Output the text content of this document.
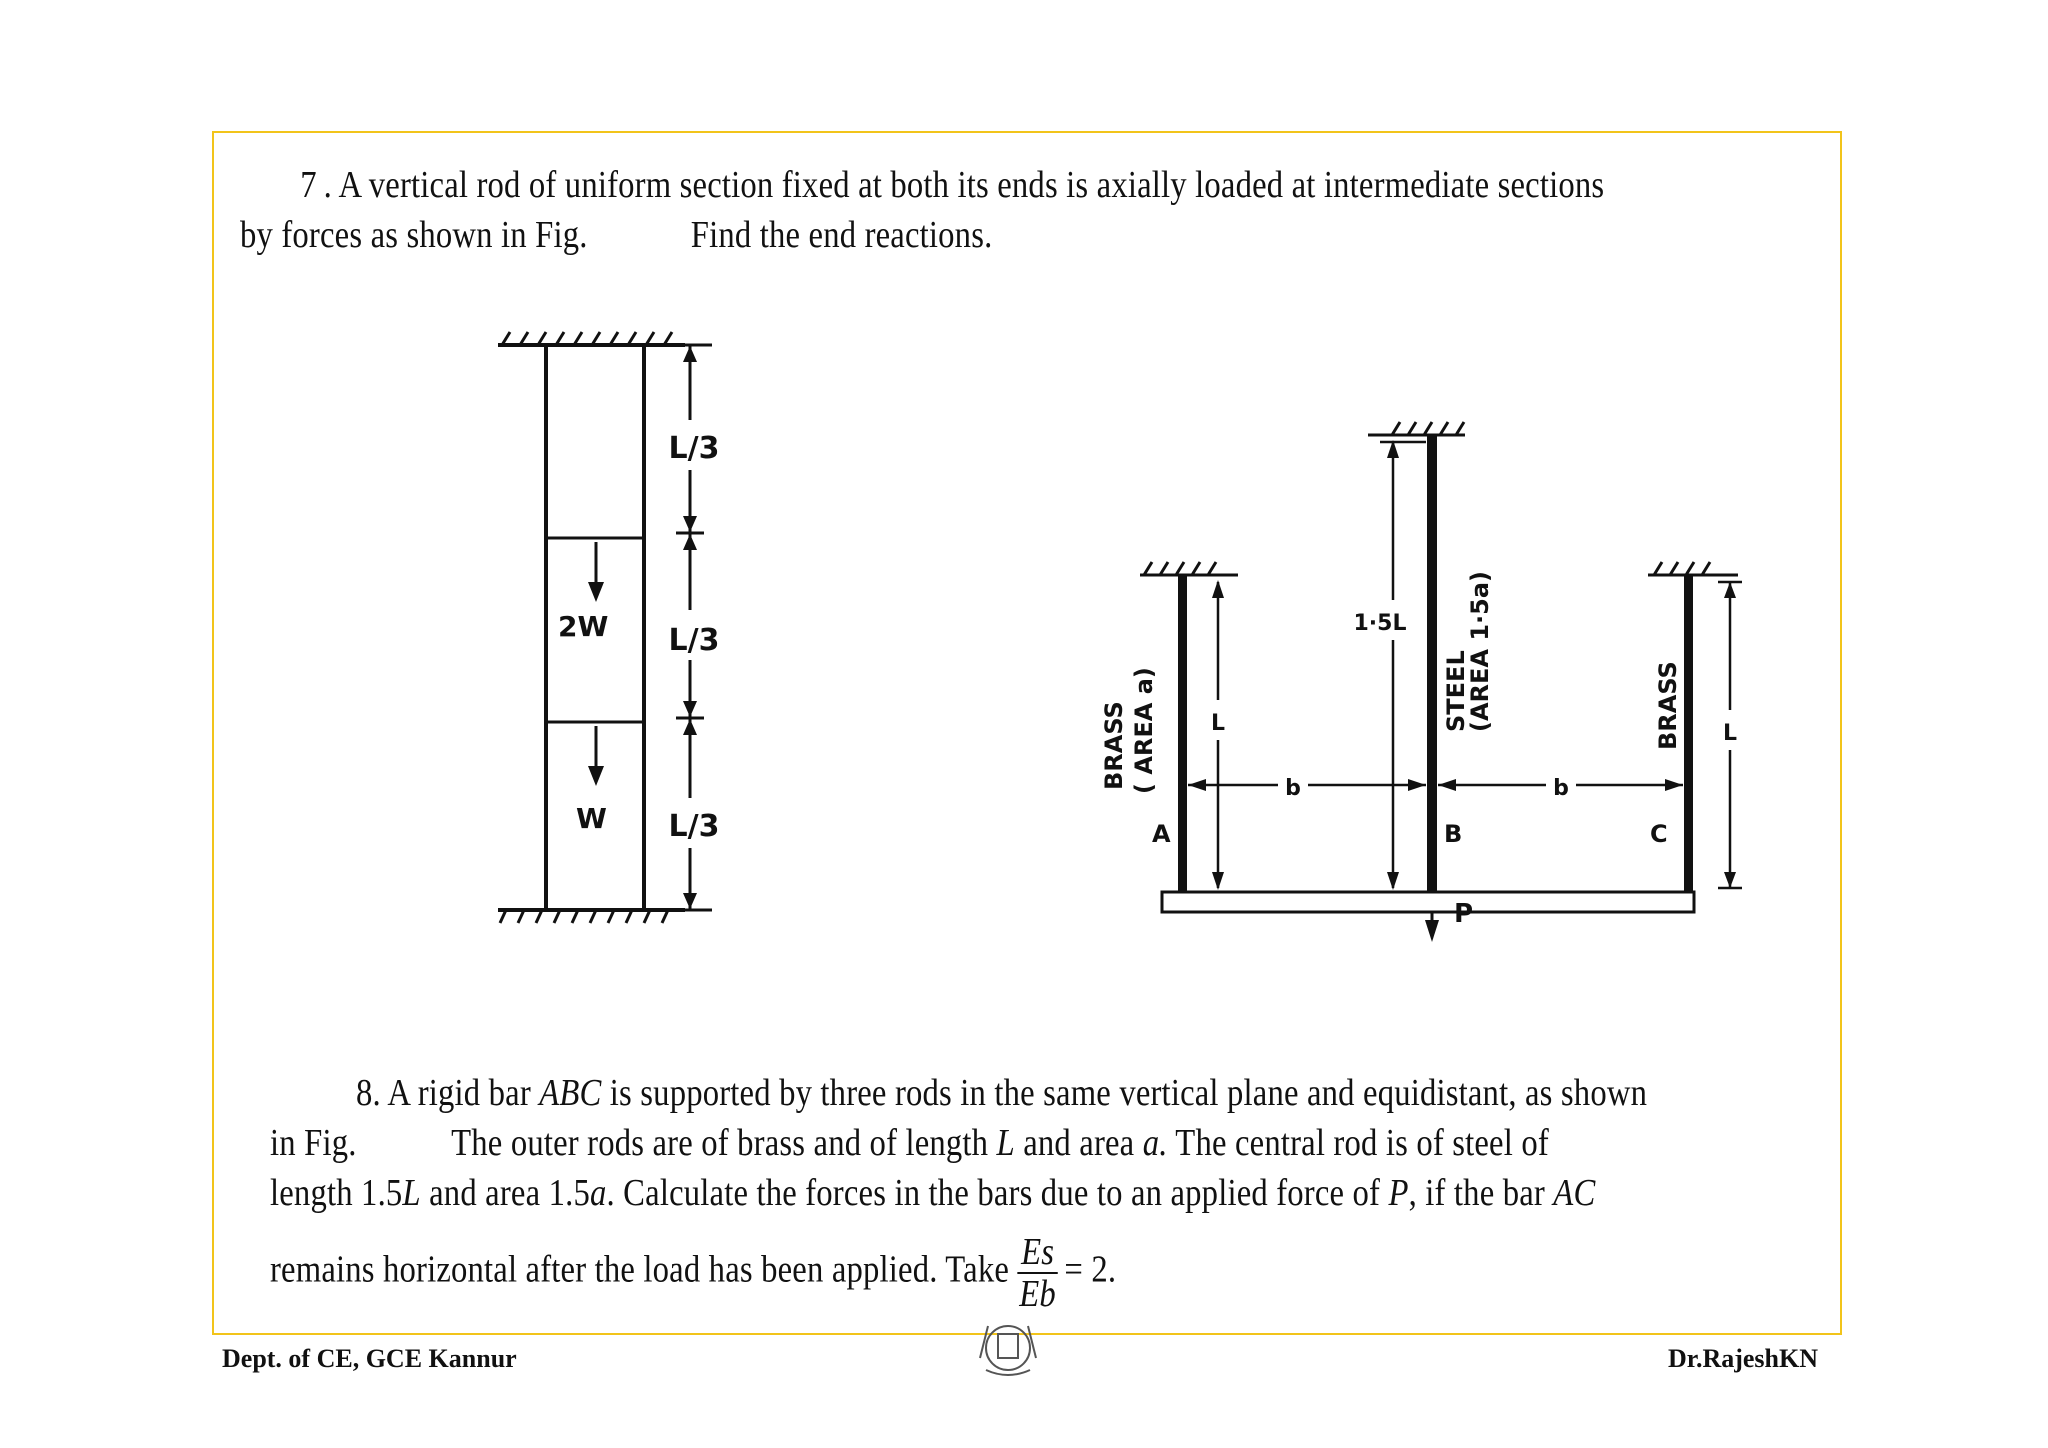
7 . A vertical rod of uniform section fixed at both its ends is axially loaded at intermediate sections
by forces as shown in Fig.	Find the end reactions.

2W
W
L/3
L/3
L/3
P
L
1·5L
L
b	b
BRASS ( AREA a)	STEEL
(AREA 1·5a)	BRASS
A	B	C

8. A rigid bar ABC is supported by three rods in the same vertical plane and equidistant, as shown
in Fig. The outer rods are of brass and of length L and area a. The central rod is of steel of
length 1.5L and area 1.5a. Calculate the forces in the bars due to an applied force of P, if the bar AC

remains horizontal after the load has been applied. Take $\frac{Es}{Eb} = 2$.

Dept. of CE, GCE Kannur	Dr.RajeshKN
